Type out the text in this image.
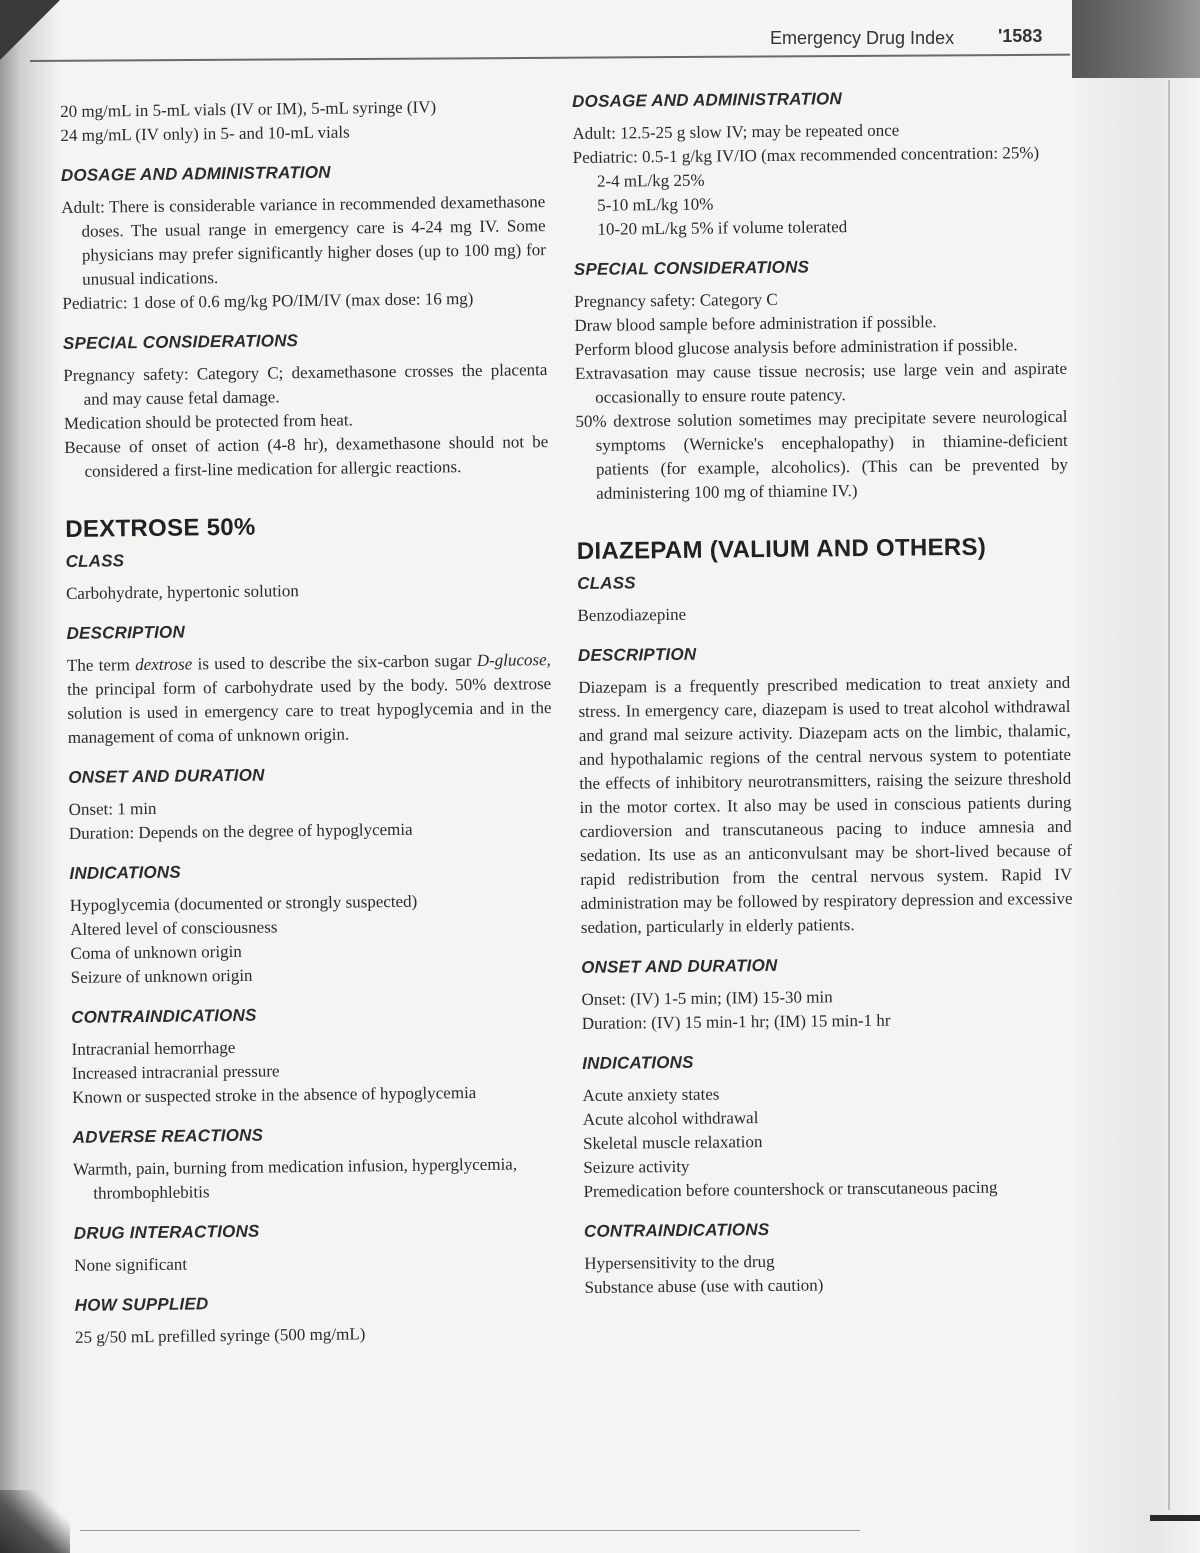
Emergency Drug Index '1583

20 mg/mL in 5-mL vials (IV or IM), 5-mL syringe (IV)

24 mg/mL (IV only) in 5- and 10-mL vials

DOSAGE AND ADMINISTRATION

Adult: There is considerable variance in recommended dexamethasone doses. The usual range in emergency care is 4-24 mg IV. Some physicians may prefer significantly higher doses (up to 100 mg) for unusual indications.

Pediatric: 1 dose of 0.6 mg/kg PO/IM/IV (max dose: 16 mg)

SPECIAL CONSIDERATIONS

Pregnancy safety: Category C; dexamethasone crosses the placenta and may cause fetal damage.

Medication should be protected from heat.

Because of onset of action (4-8 hr), dexamethasone should not be considered a first-line medication for allergic reactions.

DEXTROSE 50%
CLASS

Carbohydrate, hypertonic solution

DESCRIPTION

The term dextrose is used to describe the six-carbon sugar D-glucose, the principal form of carbohydrate used by the body. 50% dextrose solution is used in emergency care to treat hypoglycemia and in the management of coma of unknown origin.

ONSET AND DURATION

Onset: 1 min

Duration: Depends on the degree of hypoglycemia

INDICATIONS

Hypoglycemia (documented or strongly suspected)

Altered level of consciousness

Coma of unknown origin

Seizure of unknown origin

CONTRAINDICATIONS

Intracranial hemorrhage

Increased intracranial pressure

Known or suspected stroke in the absence of hypoglycemia

ADVERSE REACTIONS

Warmth, pain, burning from medication infusion, hyperglycemia, thrombophlebitis

DRUG INTERACTIONS

None significant

HOW SUPPLIED

25 g/50 mL prefilled syringe (500 mg/mL)

DOSAGE AND ADMINISTRATION

Adult: 12.5-25 g slow IV; may be repeated once

Pediatric: 0.5-1 g/kg IV/IO (max recommended concentration: 25%)

2-4 mL/kg 25%

5-10 mL/kg 10%

10-20 mL/kg 5% if volume tolerated

SPECIAL CONSIDERATIONS

Pregnancy safety: Category C

Draw blood sample before administration if possible.

Perform blood glucose analysis before administration if possible.

Extravasation may cause tissue necrosis; use large vein and aspirate occasionally to ensure route patency.

50% dextrose solution sometimes may precipitate severe neurological symptoms (Wernicke's encephalopathy) in thiamine-deficient patients (for example, alcoholics). (This can be prevented by administering 100 mg of thiamine IV.)

DIAZEPAM (VALIUM AND OTHERS)
CLASS

Benzodiazepine

DESCRIPTION

Diazepam is a frequently prescribed medication to treat anxiety and stress. In emergency care, diazepam is used to treat alcohol withdrawal and grand mal seizure activity. Diazepam acts on the limbic, thalamic, and hypothalamic regions of the central nervous system to potentiate the effects of inhibitory neurotransmitters, raising the seizure threshold in the motor cortex. It also may be used in conscious patients during cardioversion and transcutaneous pacing to induce amnesia and sedation. Its use as an anticonvulsant may be short-lived because of rapid redistribution from the central nervous system. Rapid IV administration may be followed by respiratory depression and excessive sedation, particularly in elderly patients.

ONSET AND DURATION

Onset: (IV) 1-5 min; (IM) 15-30 min

Duration: (IV) 15 min-1 hr; (IM) 15 min-1 hr

INDICATIONS

Acute anxiety states

Acute alcohol withdrawal

Skeletal muscle relaxation

Seizure activity

Premedication before countershock or transcutaneous pacing

CONTRAINDICATIONS

Hypersensitivity to the drug

Substance abuse (use with caution)
